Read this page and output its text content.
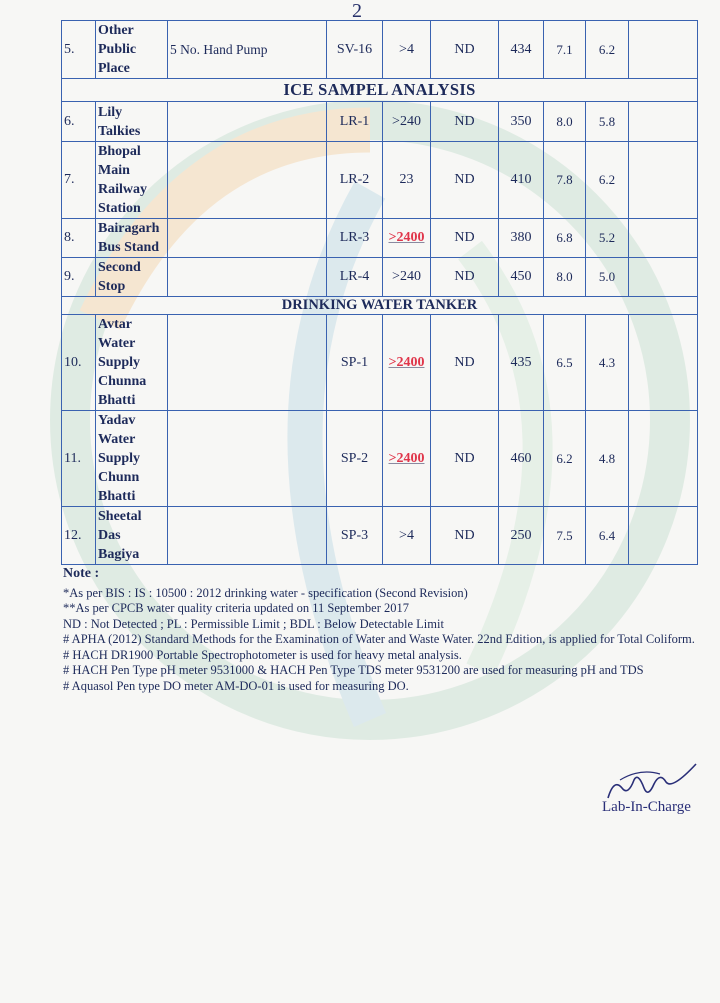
2
5.	Other Public Place	5 No. Hand Pump	SV-16	>4	ND	434	7.1	6.2	
ICE SAMPEL ANALYSIS									
6.	Lily Talkies		LR-1	>240	ND	350	8.0	5.8	
7.	Bhopal Main Railway Station		LR-2	23	ND	410	7.8	6.2	
8.	Bairagarh Bus Stand		LR-3	>2400	ND	380	6.8	5.2	
9.	Second Stop		LR-4	>240	ND	450	8.0	5.0	
DRINKING WATER TANKER									
10.	Avtar Water Supply Chunna Bhatti		SP-1	>2400	ND	435	6.5	4.3	
11.	Yadav Water Supply Chunn Bhatti		SP-2	>2400	ND	460	6.2	4.8	
12.	Sheetal Das Bagiya		SP-3	>4	ND	250	7.5	6.4	
Note :

*As per BIS : IS : 10500 : 2012 drinking water - specification (Second Revision)

**As per CPCB water quality criteria updated on 11 September 2017

ND : Not Detected ; PL : Permissible Limit ; BDL : Below Detectable Limit

# APHA (2012) Standard Methods for the Examination of Water and Waste Water. 22nd Edition, is applied for Total Coliform.

# HACH DR1900 Portable Spectrophotometer is used for heavy metal analysis.

# HACH Pen Type pH meter 9531000 & HACH Pen Type TDS meter 9531200 are used for measuring pH and TDS

# Aquasol Pen type DO meter AM-DO-01 is used for measuring DO.

Lab-In-Charge
